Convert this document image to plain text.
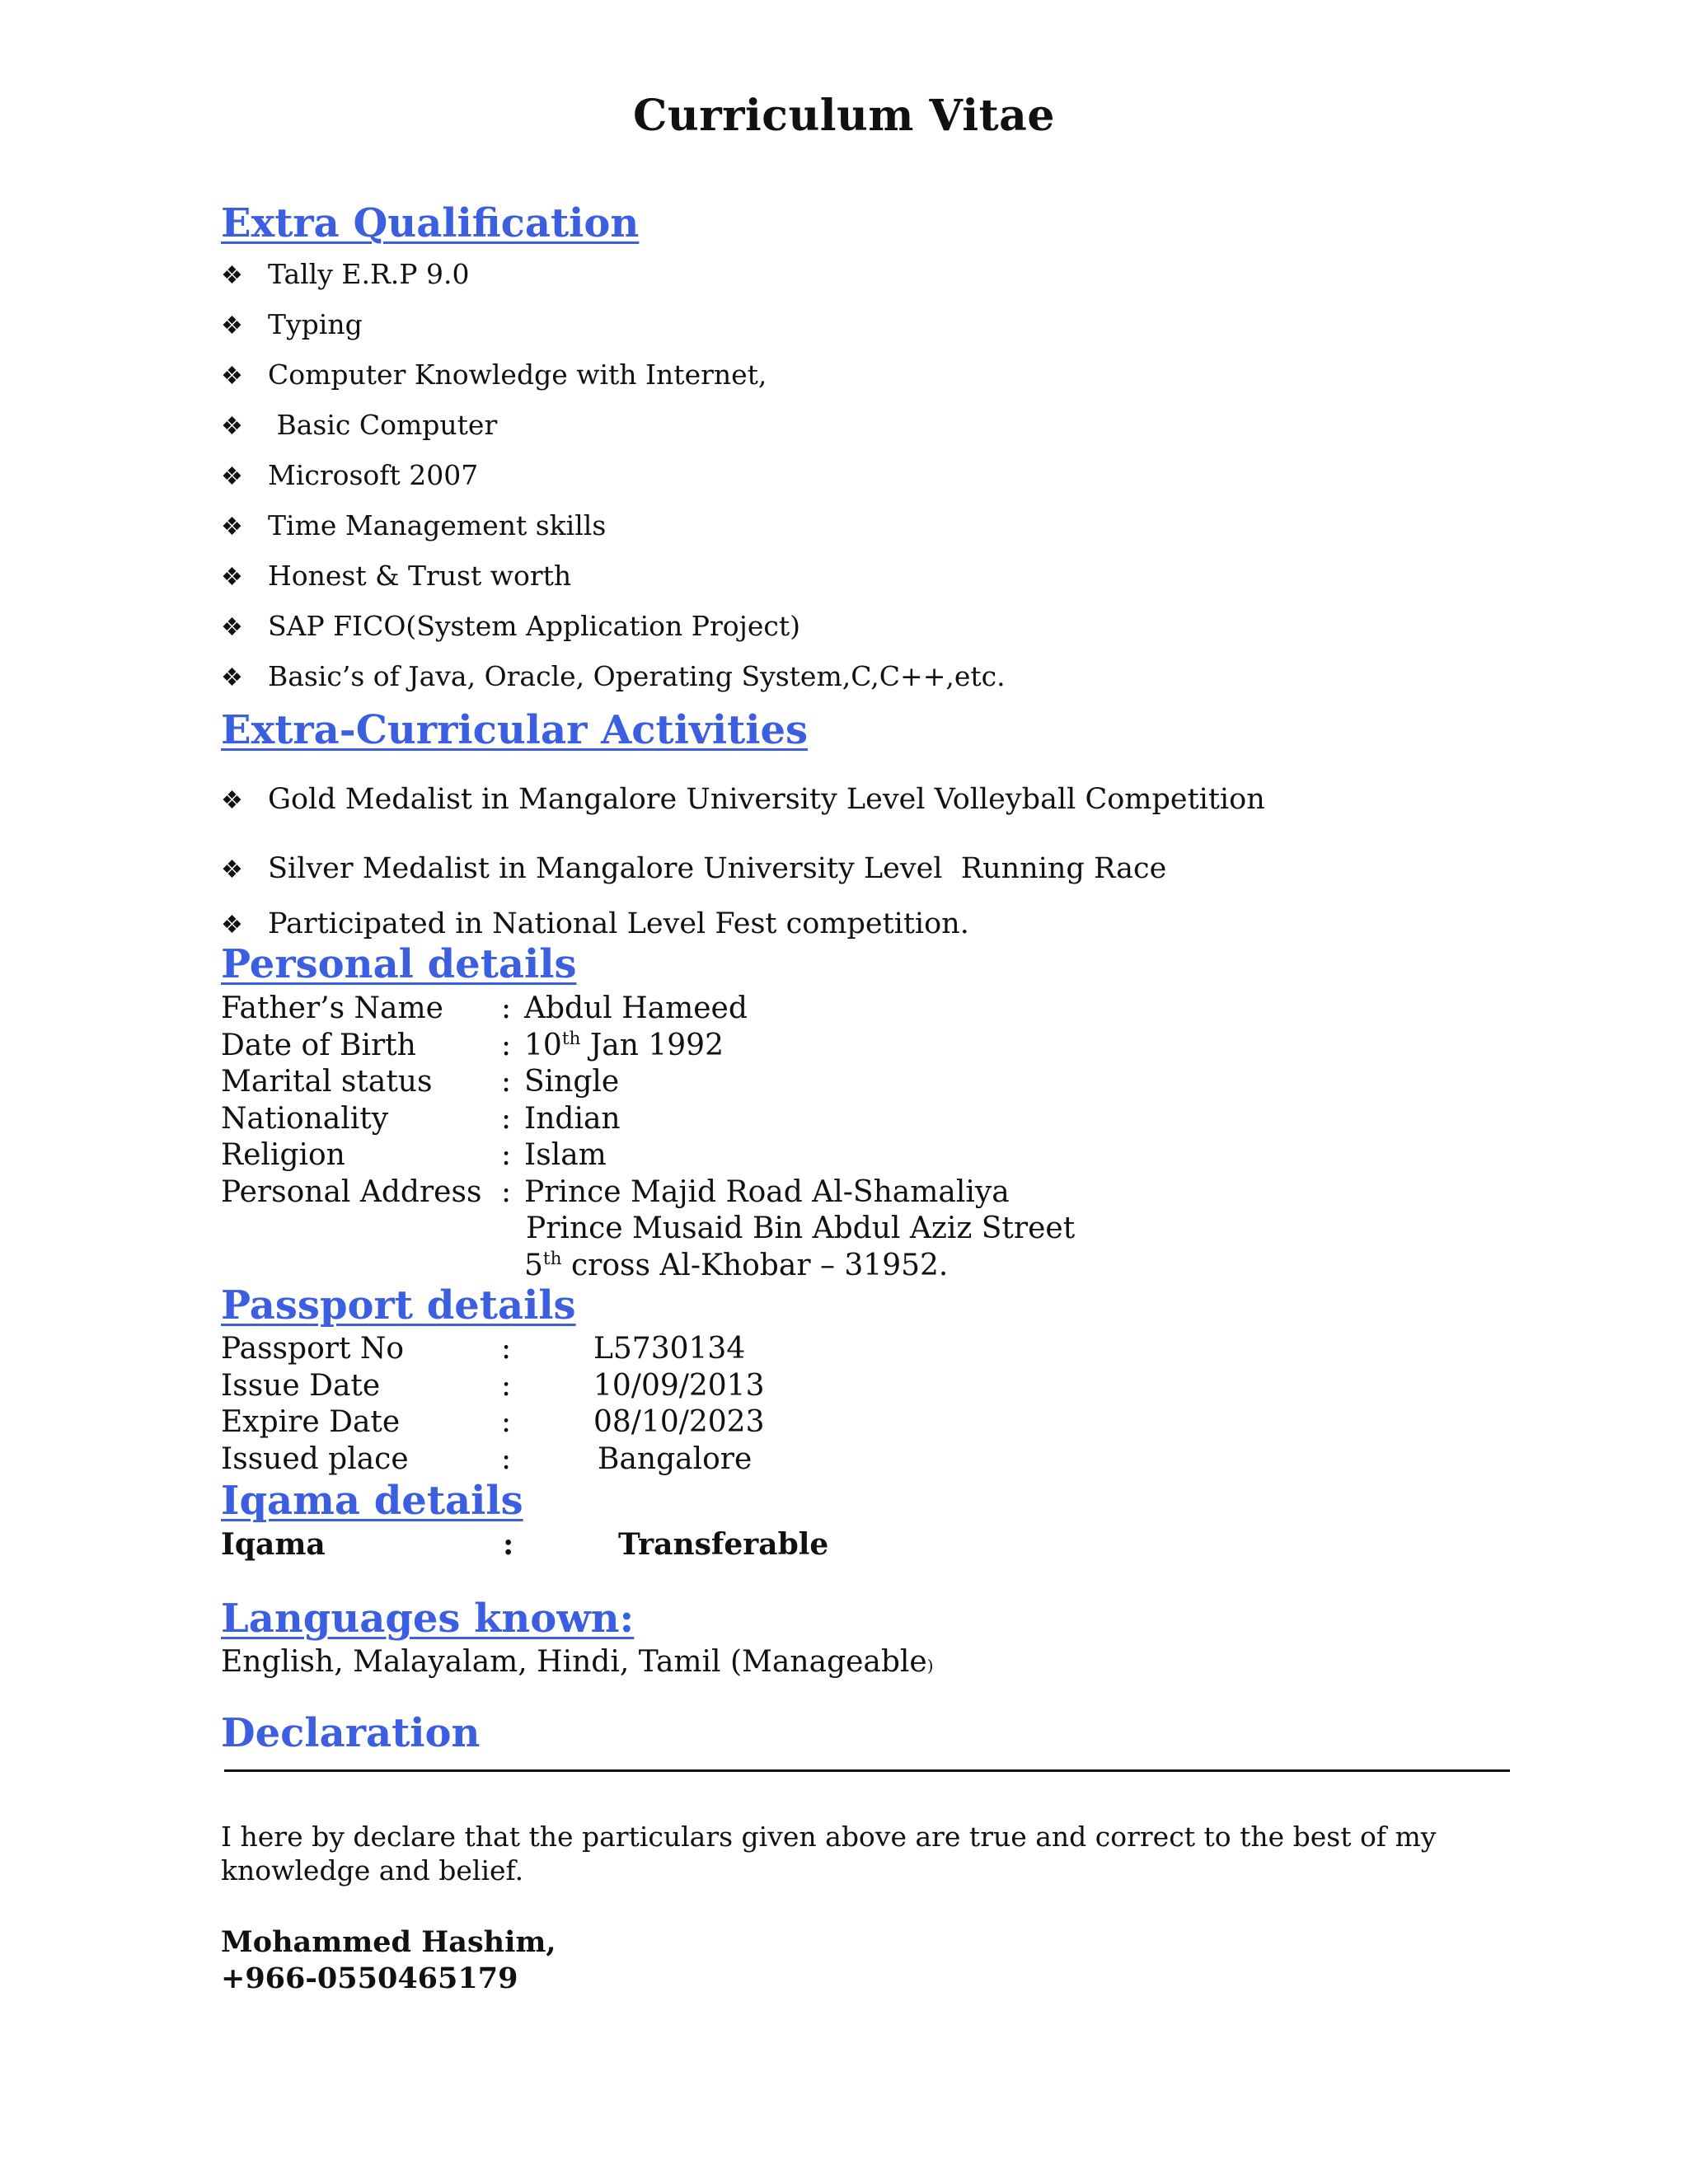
Curriculum Vitae
Extra Qualification
❖ Tally E.R.P 9.0
❖ Typing
❖ Computer Knowledge with Internet,
❖ Basic Computer
❖ Microsoft 2007
❖ Time Management skills
❖ Honest & Trust worth
❖ SAP FICO(System Application Project)
❖ Basic’s of Java, Oracle, Operating System,C,C++,etc.
Extra-Curricular Activities
❖ Gold Medalist in Mangalore University Level Volleyball Competition
❖ Silver Medalist in Mangalore University Level  Running Race
❖ Participated in National Level Fest competition.
Personal details
Father’s Name : Abdul Hameed
Date of Birth	: 10th Jan 1992
Marital status : Single
Nationality	: Indian
Religion	: Islam
Personal Address : Prince Majid Road Al-Shamaliya
Prince Musaid Bin Abdul Aziz Street
5th cross Al-Khobar – 31952.
Passport details
Passport No	:	L5730134
Issue Date	:	10/09/2013
Expire Date	:	08/10/2023
Issued place	:	Bangalore
Iqama details
Iqama	:	Transferable
Languages known:
English, Malayalam, Hindi, Tamil (Manageable)
Declaration
I here by declare that the particulars given above are true and correct to the best of my knowledge and belief.
Mohammed Hashim,
+966-0550465179
